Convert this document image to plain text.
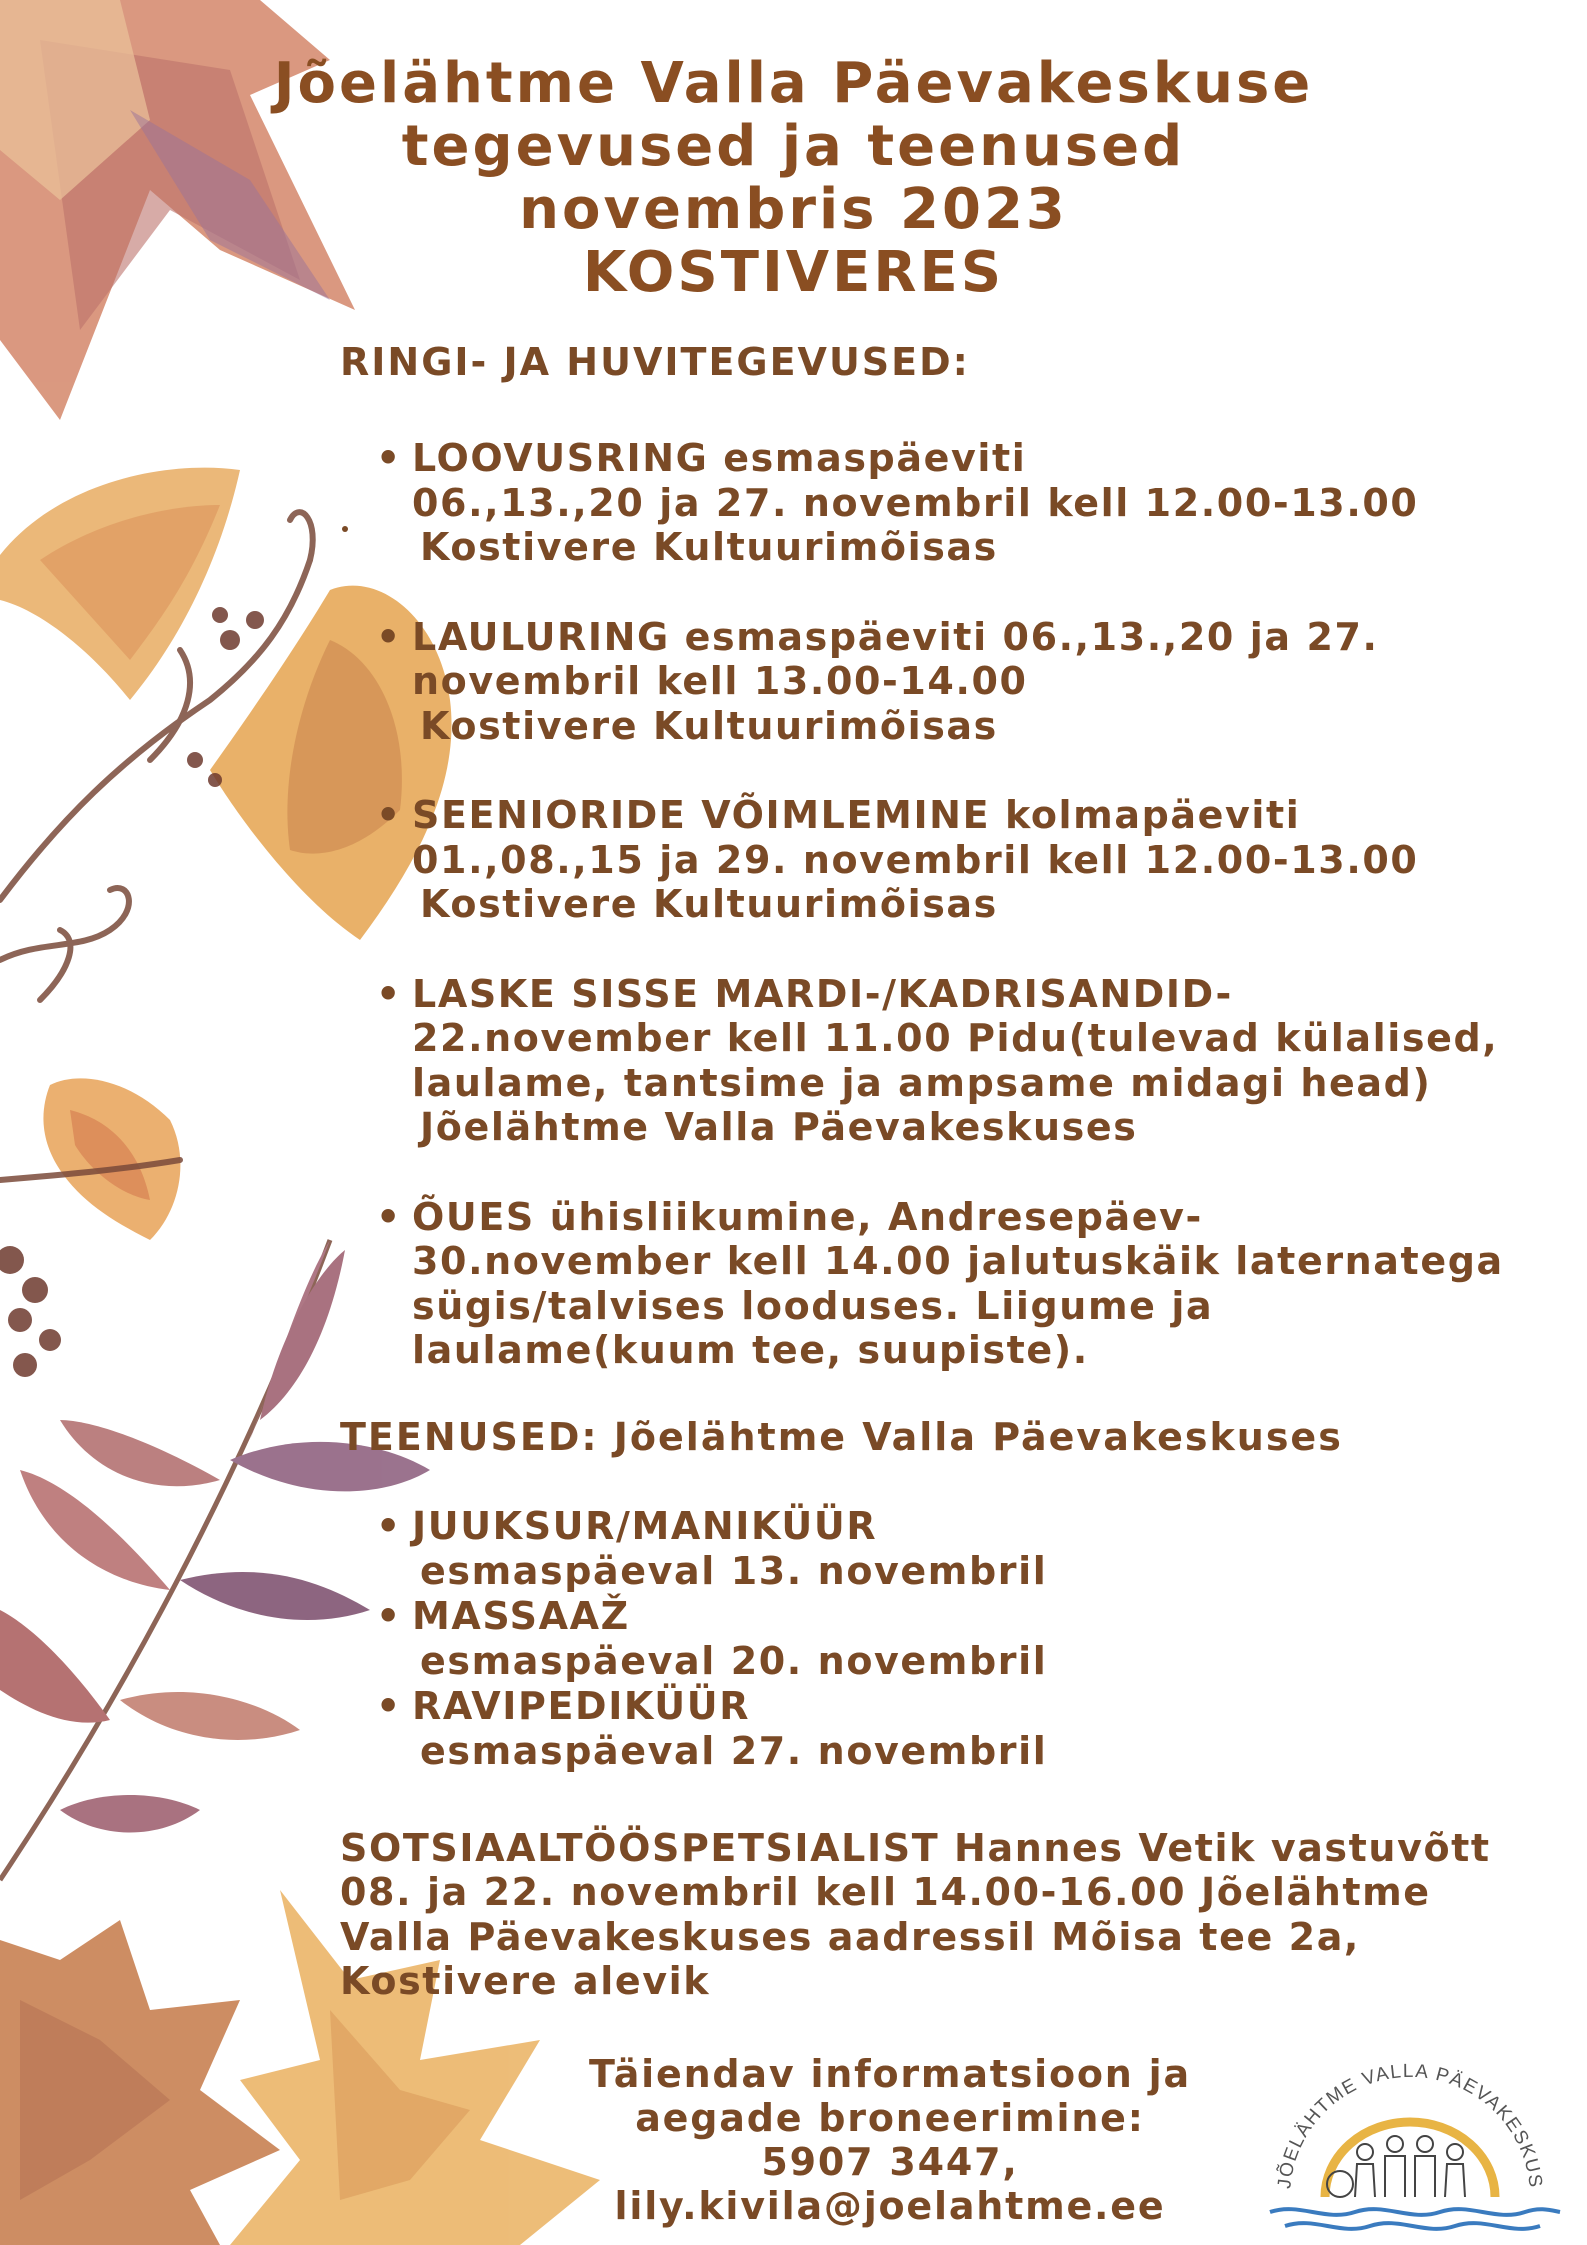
Jõelähtme Valla Päevakeskuse
tegevused ja teenused
novembris 2023
KOSTIVERES
RINGI- JA HUVITEGEVUSED:
• LOOVUSRING esmaspäeviti
06.,13.,20 ja 27. novembril kell 12.00-13.00
Kostivere Kultuurimõisas
• LAULURING esmaspäeviti 06.,13.,20 ja 27.
novembril kell 13.00-14.00
Kostivere Kultuurimõisas
• SEENIORIDE VÕIMLEMINE kolmapäeviti
01.,08.,15 ja 29. novembril kell 12.00-13.00
Kostivere Kultuurimõisas
• LASKE SISSE MARDI-/KADRISANDID-
22.november kell 11.00 Pidu(tulevad külalised,
laulame, tantsime ja ampsame midagi head)
Jõelähtme Valla Päevakeskuses
• ÕUES ühisliikumine, Andresepäev-
30.november kell 14.00 jalutuskäik laternatega
sügis/talvises looduses. Liigume ja
laulame(kuum tee, suupiste).
TEENUSED: Jõelähtme Valla Päevakeskuses
• JUUKSUR/MANIKÜÜR
esmaspäeval 13. novembril
• MASSAAŽ
esmaspäeval 20. novembril
• RAVIPEDIKÜÜR
esmaspäeval 27. novembril
SOTSIAALTÖÖSPETSIALIST Hannes Vetik vastuvõtt
08. ja 22. novembril kell 14.00-16.00 Jõelähtme
Valla Päevakeskuses aadressil Mõisa tee 2a,
Kostivere alevik
Täiendav informatsioon ja
aegade broneerimine:
5907 3447,
lily.kivila@joelahtme.ee
JÕELÄHTME VALLA PÄEVAKESKUS
